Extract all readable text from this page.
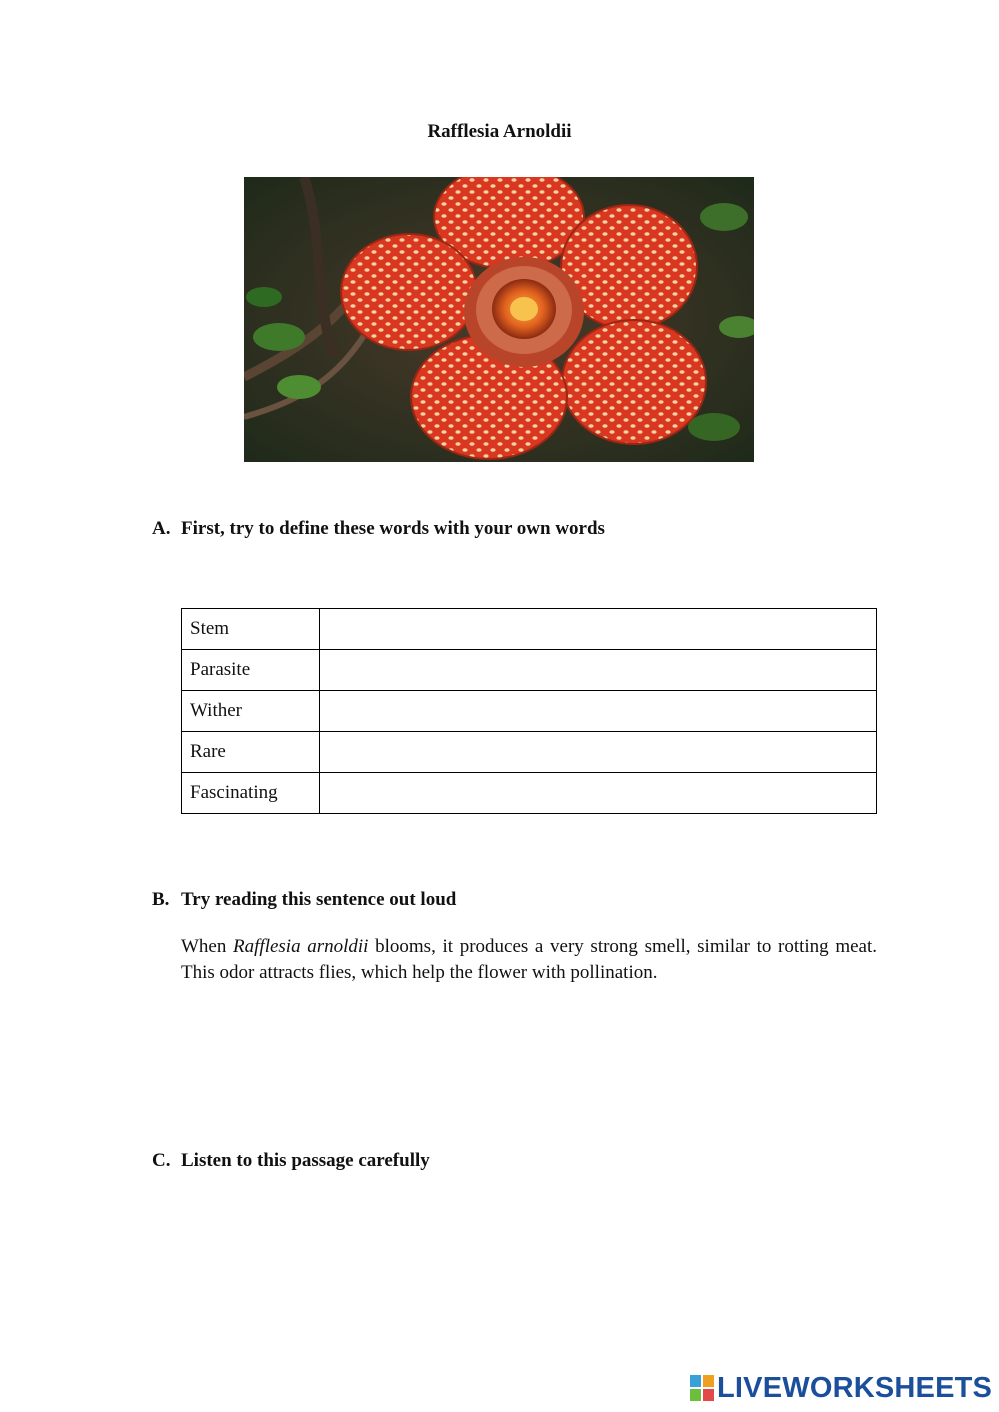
Rafflesia Arnoldii
A. First, try to define these words with your own words
Stem	
Parasite	
Wither	
Rare	
Fascinating	
B. Try reading this sentence out loud
When Rafflesia arnoldii blooms, it produces a very strong smell, similar to rotting meat. This odor attracts flies, which help the flower with pollination.
C. Listen to this passage carefully
LIVEWORKSHEETS
